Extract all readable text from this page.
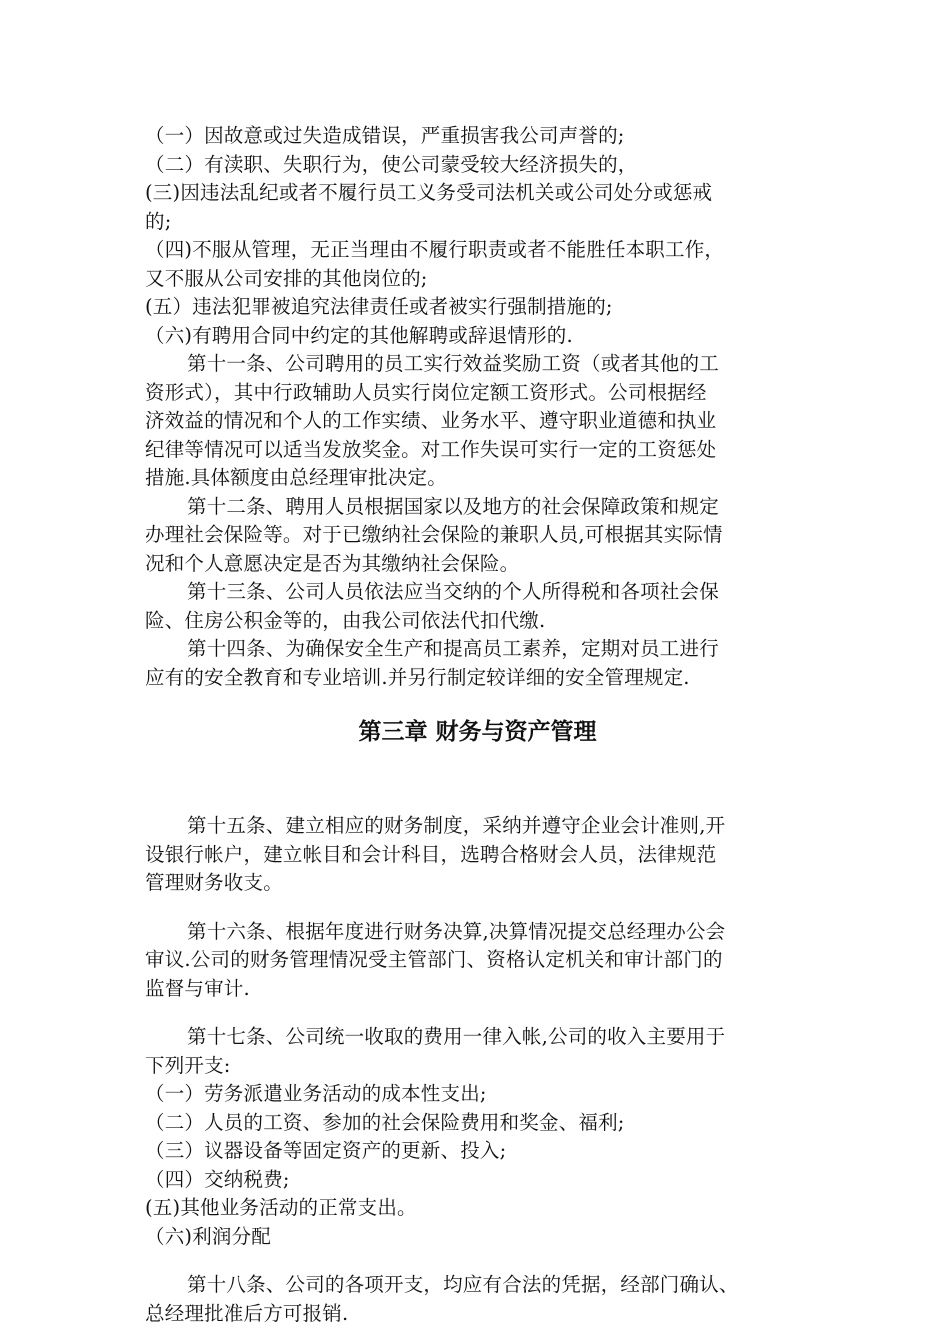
（一）因故意或过失造成错误，严重损害我公司声誉的;
（二）有渎职、失职行为，使公司蒙受较大经济损失的，
(三)因违法乱纪或者不履行员工义务受司法机关或公司处分或惩戒
的;
（四)不服从管理，无正当理由不履行职责或者不能胜任本职工作，
又不服从公司安排的其他岗位的;
(五）违法犯罪被追究法律责任或者被实行强制措施的;
（六)有聘用合同中约定的其他解聘或辞退情形的.
第十一条、公司聘用的员工实行效益奖励工资（或者其他的工
资形式），其中行政辅助人员实行岗位定额工资形式。公司根据经
济效益的情况和个人的工作实绩、业务水平、遵守职业道德和执业
纪律等情况可以适当发放奖金。对工作失误可实行一定的工资惩处
措施.具体额度由总经理审批决定。
第十二条、聘用人员根据国家以及地方的社会保障政策和规定
办理社会保险等。对于已缴纳社会保险的兼职人员,可根据其实际情
况和个人意愿决定是否为其缴纳社会保险。
第十三条、公司人员依法应当交纳的个人所得税和各项社会保
险、住房公积金等的，由我公司依法代扣代缴.
第十四条、为确保安全生产和提高员工素养，定期对员工进行
应有的安全教育和专业培训.并另行制定较详细的安全管理规定.
第三章 财务与资产管理
第十五条、建立相应的财务制度，采纳并遵守企业会计准则,开
设银行帐户，建立帐目和会计科目，选聘合格财会人员，法律规范
管理财务收支。
第十六条、根据年度进行财务决算,决算情况提交总经理办公会
审议.公司的财务管理情况受主管部门、资格认定机关和审计部门的
监督与审计.
第十七条、公司统一收取的费用一律入帐,公司的收入主要用于
下列开支:
（一）劳务派遣业务活动的成本性支出;
（二）人员的工资、参加的社会保险费用和奖金、福利;
（三）议器设备等固定资产的更新、投入;
（四）交纳税费;
(五)其他业务活动的正常支出。
（六)利润分配
第十八条、公司的各项开支，均应有合法的凭据，经部门确认、
总经理批准后方可报销.
